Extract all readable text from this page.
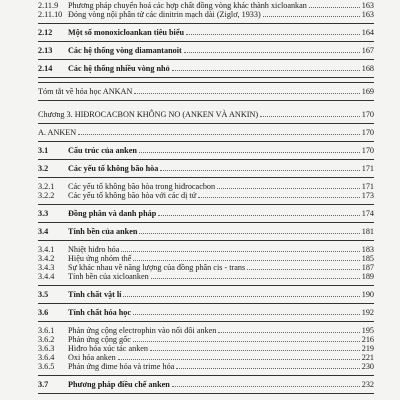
2.11.9	Phương pháp chuyển hoá các hợp chất đồng vòng khác thành xicloankan	163
2.11.10 Đóng vòng nội phân tử các dinitrin mạch dài (Ziglơ, 1933)	163
2.12	Một số monoxicloankan tiêu biểu	164
2.13	Các hệ thống vòng diamantanoit	167
2.14	Các hệ thống nhiều vòng nhỏ	168
Tóm tắt về hóa học ANKAN	169
Chương 3. HIĐROCACBON KHÔNG NO (ANKEN VÀ ANKIN)	170
A. ANKEN	170
3.1	Cấu trúc của anken	170
3.2	Các yếu tố không bão hòa	171
3.2.1	Các yếu tố không bão hòa trong hiđrocacbon	171
3.2.2	Các yếu tố không bão hòa với các dị tử	173
3.3	Đồng phân và danh pháp	174
3.4	Tính bền của anken	181
3.4.1	Nhiệt hiđro hóa	183
3.4.2	Hiệu ứng nhóm thế	185
3.4.3	Sự khác nhau về năng lượng của đồng phân cis - trans	187
3.4.4	Tính bền của xicloanken	189
3.5	Tính chất vật lí	190
3.6	Tính chất hóa học	192
3.6.1	Phản ứng cộng electrophin vào nối đôi anken	195
3.6.2	Phản ứng cộng gốc	216
3.6.3	Hiđro hóa xúc tác anken	219
3.6.4	Oxi hóa anken	221
3.6.5	Phản ứng đime hóa và trime hóa	230
3.7	Phương pháp điều chế anken	232
